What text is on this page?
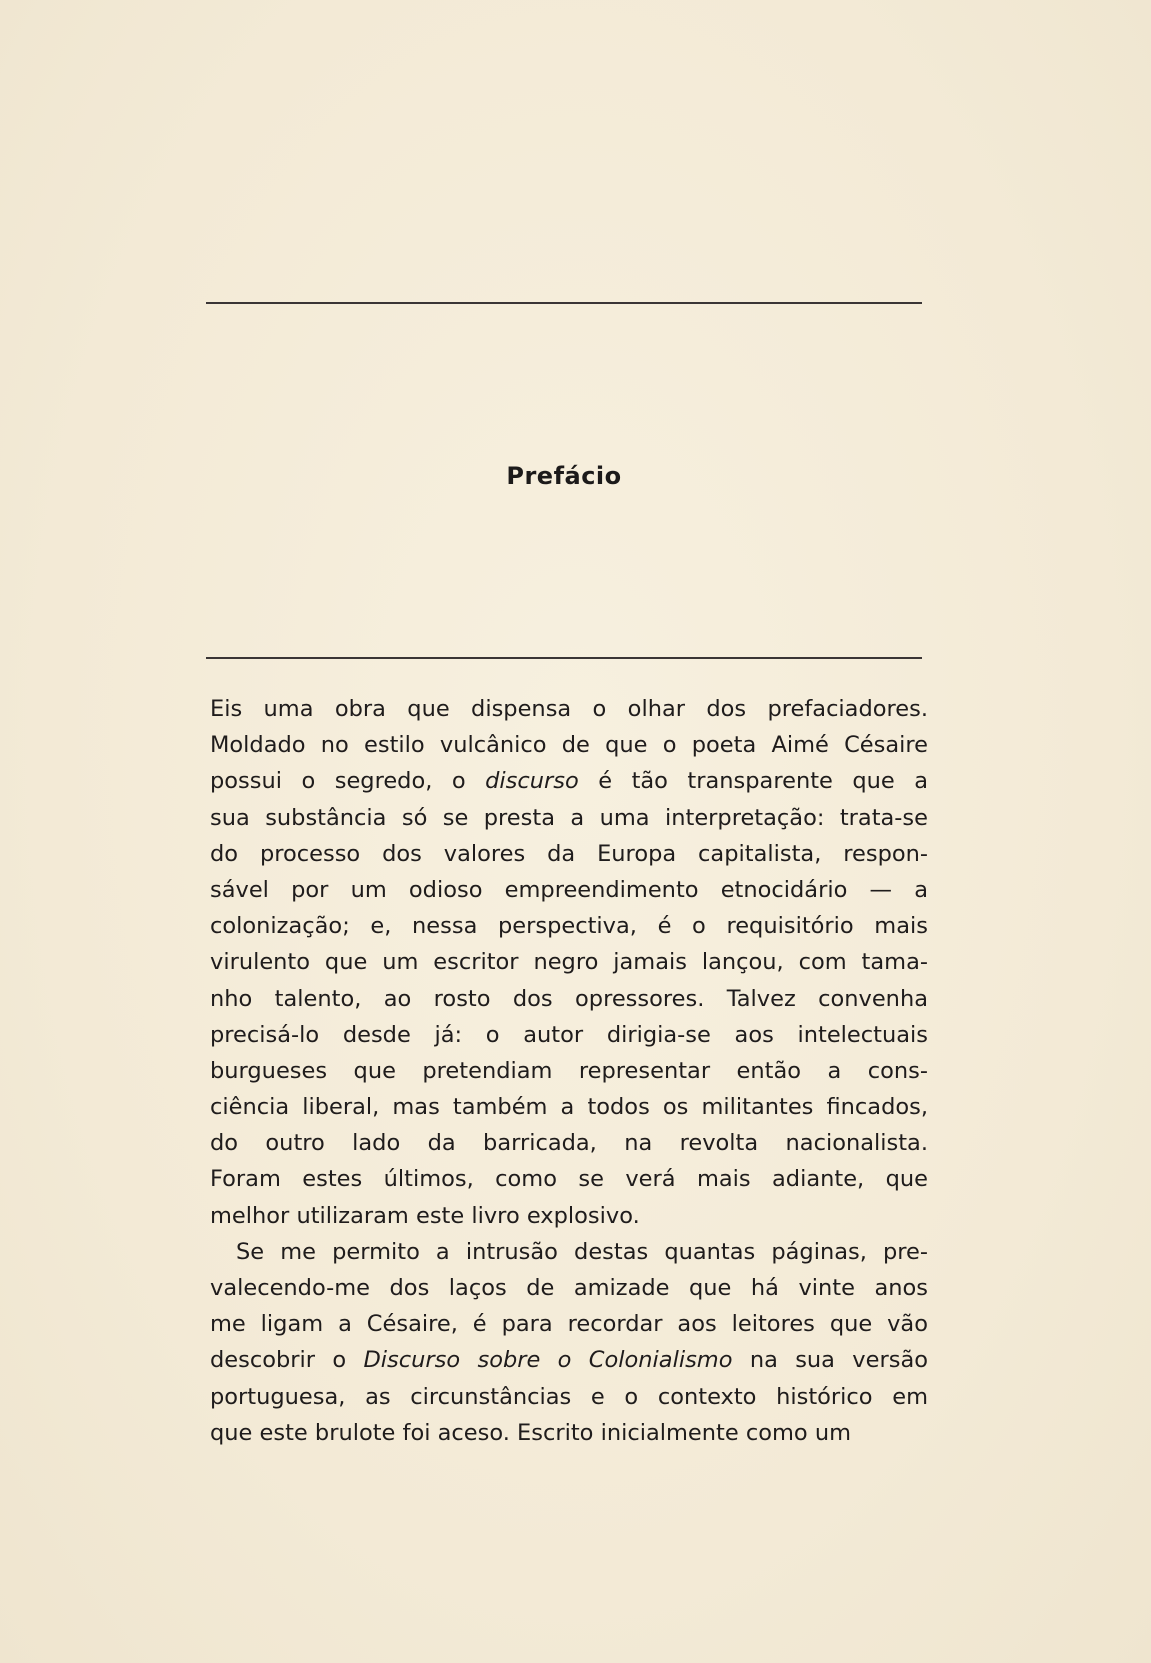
Prefácio
Eis uma obra que dispensa o olhar dos prefaciadores.
Moldado no estilo vulcânico de que o poeta Aimé Césaire
possui o segredo, o discurso é tão transparente que a
sua substância só se presta a uma interpretação: trata-se
do processo dos valores da Europa capitalista, respon-
sável por um odioso empreendimento etnocidário — a
colonização; e, nessa perspectiva, é o requisitório mais
virulento que um escritor negro jamais lançou, com tama-
nho talento, ao rosto dos opressores. Talvez convenha
precisá-lo desde já: o autor dirigia-se aos intelectuais
burgueses que pretendiam representar então a cons-
ciência liberal, mas também a todos os militantes fincados,
do outro lado da barricada, na revolta nacionalista.
Foram estes últimos, como se verá mais adiante, que
melhor utilizaram este livro explosivo.
Se me permito a intrusão destas quantas páginas, pre-
valecendo-me dos laços de amizade que há vinte anos
me ligam a Césaire, é para recordar aos leitores que vão
descobrir o Discurso sobre o Colonialismo na sua versão
portuguesa, as circunstâncias e o contexto histórico em
que este brulote foi aceso. Escrito inicialmente como um
